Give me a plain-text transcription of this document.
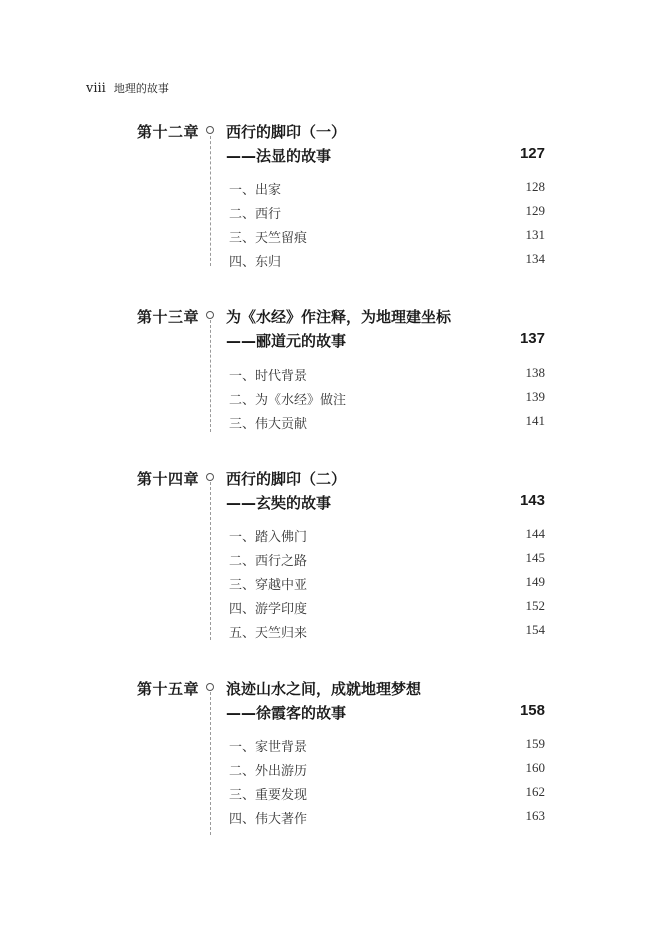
viii 地理的故事
第十二章 西行的脚印（一）
——法显的故事	127
一、出家	128
二、西行	129
三、天竺留痕	131
四、东归	134
第十三章 为《水经》作注释，为地理建坐标
——郦道元的故事	137
一、时代背景	138
二、为《水经》做注	139
三、伟大贡献	141
第十四章 西行的脚印（二）
——玄奘的故事	143
一、踏入佛门	144
二、西行之路	145
三、穿越中亚	149
四、游学印度	152
五、天竺归来	154
第十五章 浪迹山水之间，成就地理梦想
——徐霞客的故事	158
一、家世背景	159
二、外出游历	160
三、重要发现	162
四、伟大著作	163
